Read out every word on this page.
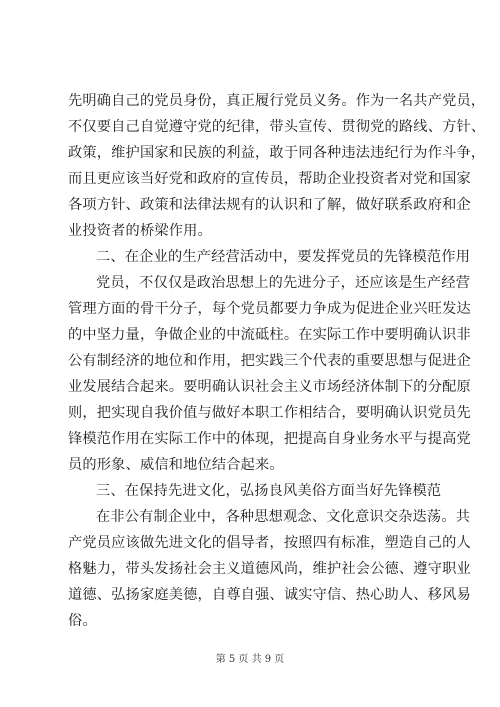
先明确自己的党员身份，真正履行党员义务。作为一名共产党员，
不仅要自己自觉遵守党的纪律，带头宣传、贯彻党的路线、方针、
政策，维护国家和民族的利益，敢于同各种违法违纪行为作斗争，
而且更应该当好党和政府的宣传员，帮助企业投资者对党和国家
各项方针、政策和法律法规有的认识和了解，做好联系政府和企
业投资者的桥梁作用。
二、在企业的生产经营活动中，要发挥党员的先锋模范作用
党员，不仅仅是政治思想上的先进分子，还应该是生产经营
管理方面的骨干分子，每个党员都要力争成为促进企业兴旺发达
的中坚力量，争做企业的中流砥柱。在实际工作中要明确认识非
公有制经济的地位和作用，把实践三个代表的重要思想与促进企
业发展结合起来。要明确认识社会主义市场经济体制下的分配原
则，把实现自我价值与做好本职工作相结合，要明确认识党员先
锋模范作用在实际工作中的体现，把提高自身业务水平与提高党
员的形象、威信和地位结合起来。
三、在保持先进文化，弘扬良风美俗方面当好先锋模范
在非公有制企业中，各种思想观念、文化意识交杂迭荡。共
产党员应该做先进文化的倡导者，按照四有标准，塑造自己的人
格魅力，带头发扬社会主义道德风尚，维护社会公德、遵守职业
道德、弘扬家庭美德，自尊自强、诚实守信、热心助人、移风易
俗。
第 5 页 共 9 页
